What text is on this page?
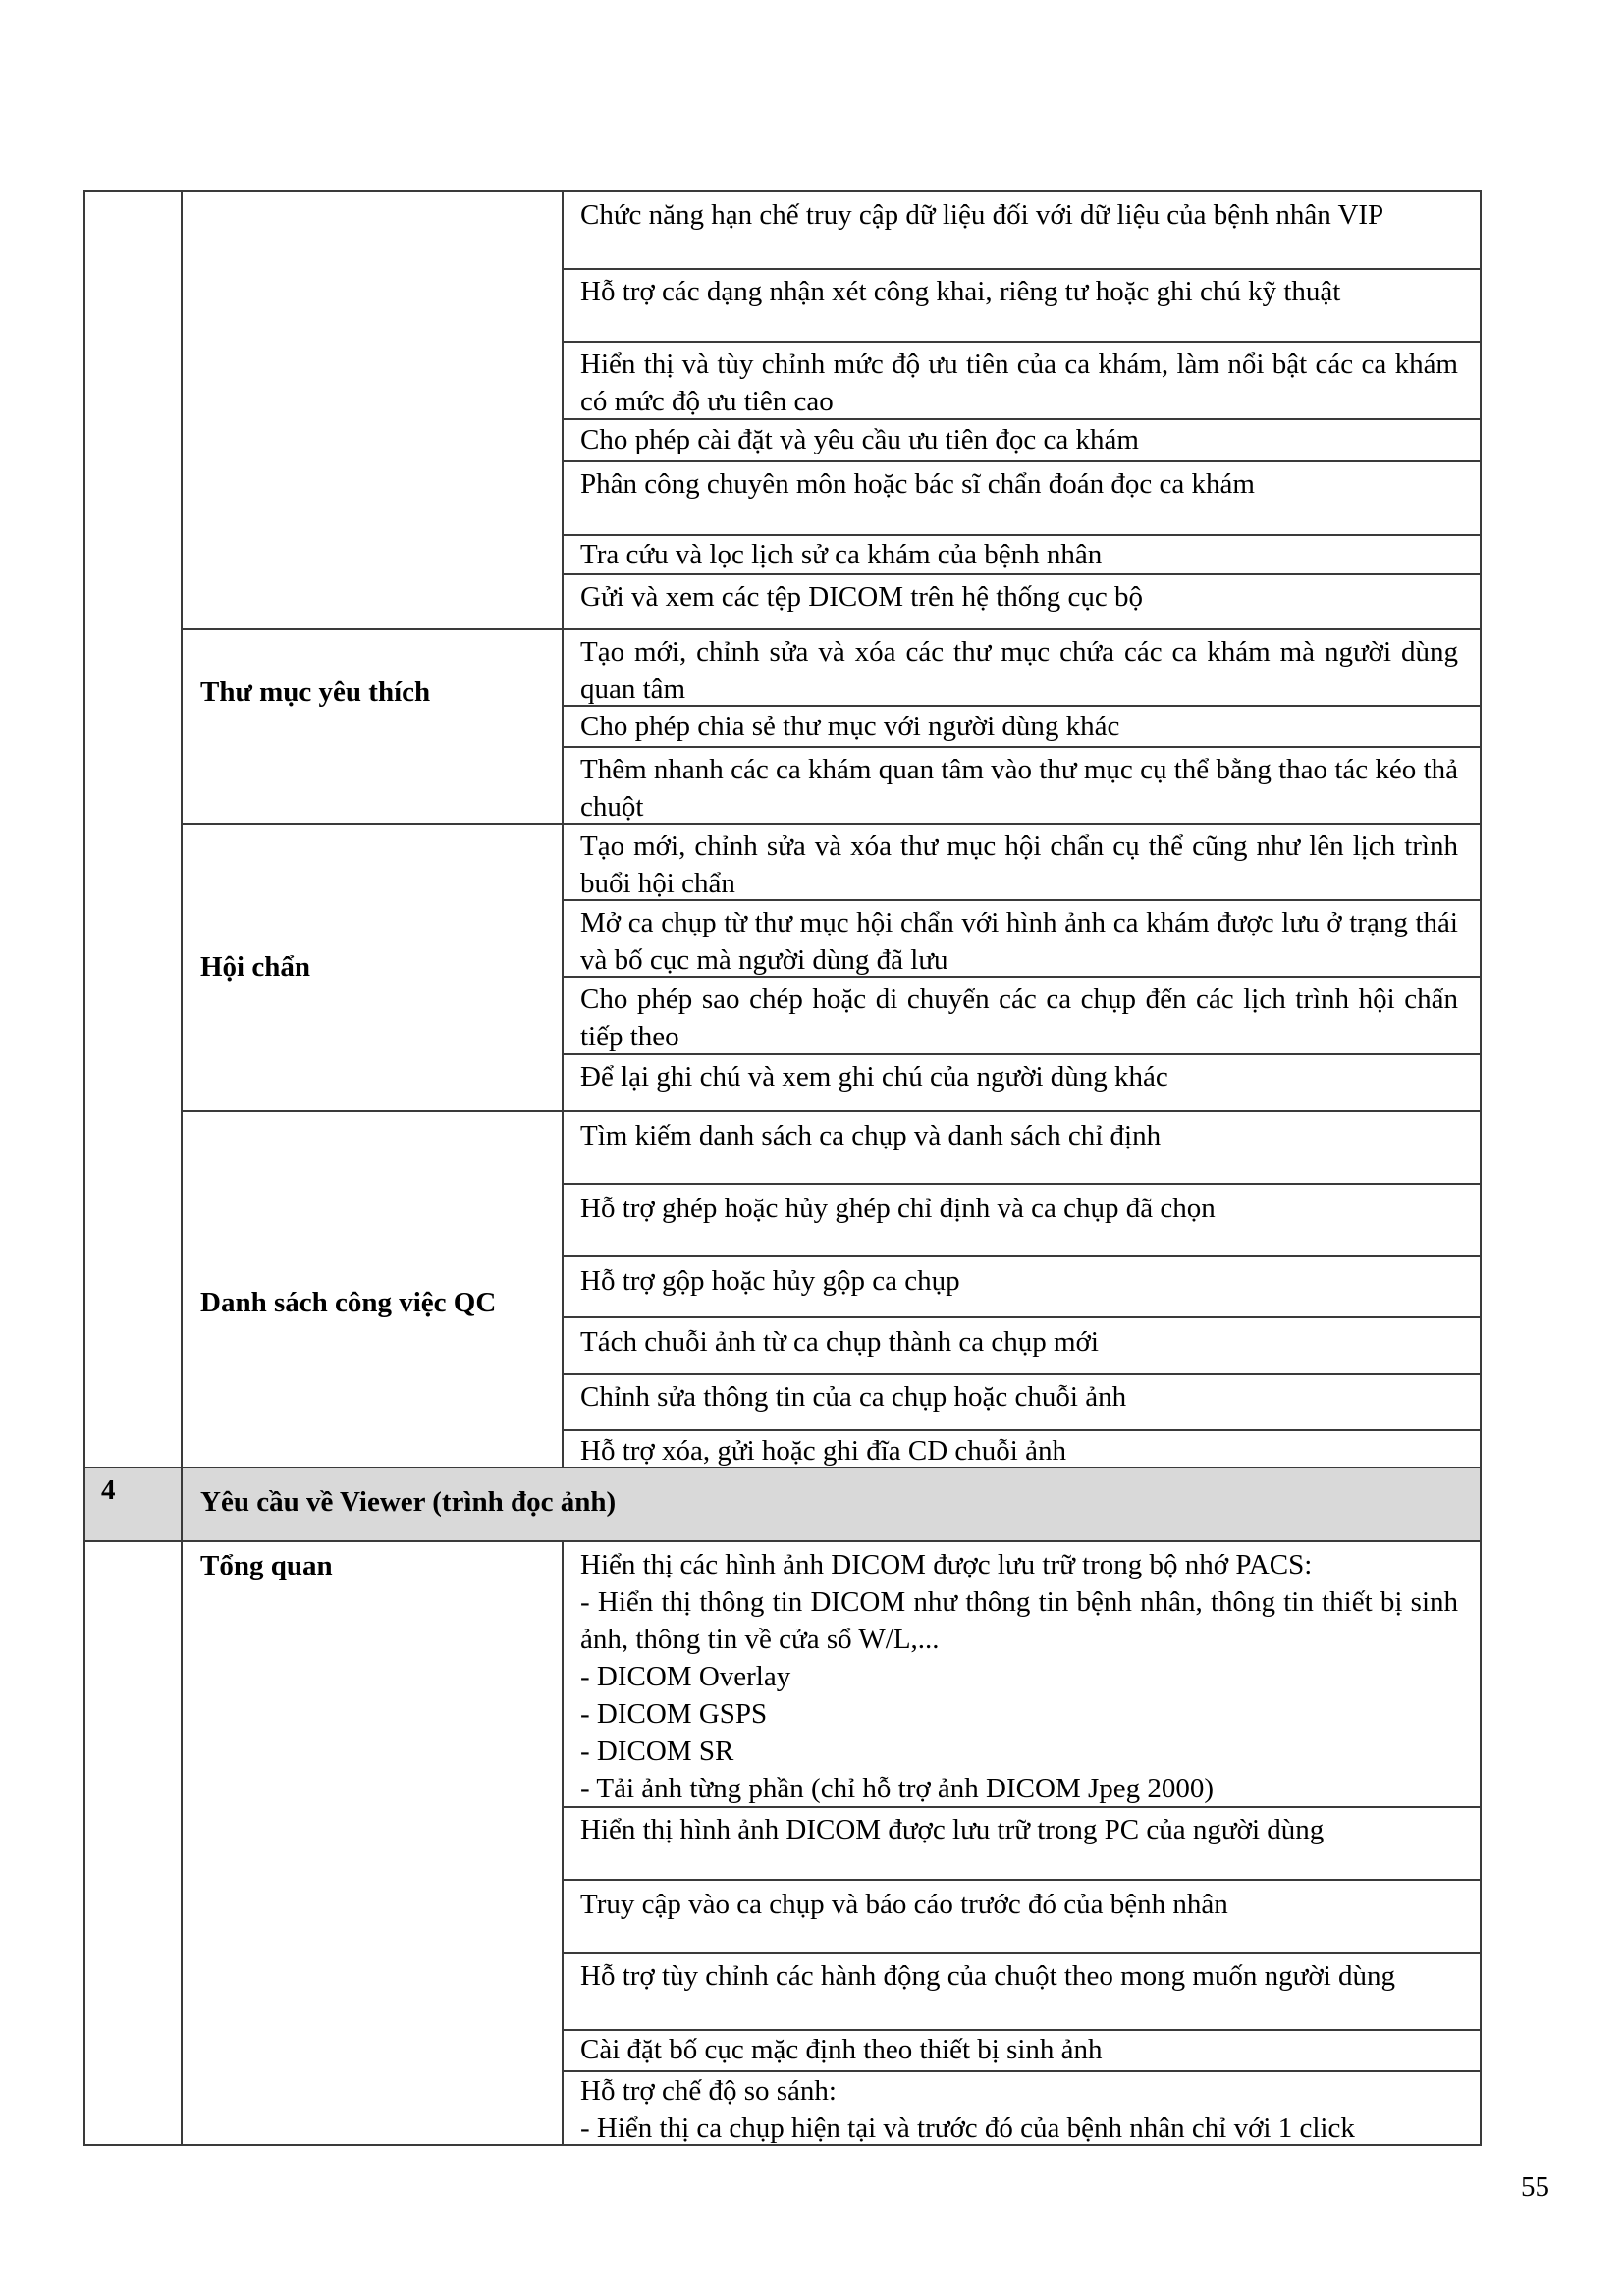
Chức năng hạn chế truy cập dữ liệu đối với dữ liệu của bệnh nhân VIP
Hỗ trợ các dạng nhận xét công khai, riêng tư hoặc ghi chú kỹ thuật
Hiển thị và tùy chỉnh mức độ ưu tiên của ca khám, làm nổi bật các ca khám có mức độ ưu tiên cao
Cho phép cài đặt và yêu cầu ưu tiên đọc ca khám
Phân công chuyên môn hoặc bác sĩ chẩn đoán đọc ca khám
Tra cứu và lọc lịch sử ca khám của bệnh nhân
Gửi và xem các tệp DICOM trên hệ thống cục bộ
Thư mục yêu thích
Tạo mới, chỉnh sửa và xóa các thư mục chứa các ca khám mà người dùng quan tâm
Cho phép chia sẻ thư mục với người dùng khác
Thêm nhanh các ca khám quan tâm vào thư mục cụ thể bằng thao tác kéo thả chuột
Hội chẩn
Tạo mới, chỉnh sửa và xóa thư mục hội chẩn cụ thể cũng như lên lịch trình buổi hội chẩn
Mở ca chụp từ thư mục hội chẩn với hình ảnh ca khám được lưu ở trạng thái và bố cục mà người dùng đã lưu
Cho phép sao chép hoặc di chuyển các ca chụp đến các lịch trình hội chẩn tiếp theo
Để lại ghi chú và xem ghi chú của người dùng khác
Danh sách công việc QC
Tìm kiếm danh sách ca chụp và danh sách chỉ định
Hỗ trợ ghép hoặc hủy ghép chỉ định và ca chụp đã chọn
Hỗ trợ gộp hoặc hủy gộp ca chụp
Tách chuỗi ảnh từ ca chụp thành ca chụp mới
Chỉnh sửa thông tin của ca chụp hoặc chuỗi ảnh
Hỗ trợ xóa, gửi hoặc ghi đĩa CD chuỗi ảnh
4	Yêu cầu về Viewer (trình đọc ảnh)
Tổng quan	Hiển thị các hình ảnh DICOM được lưu trữ trong bộ nhớ PACS:
- Hiển thị thông tin DICOM như thông tin bệnh nhân, thông tin thiết bị sinh ảnh, thông tin về cửa sổ W/L,...
- DICOM Overlay
- DICOM GSPS
- DICOM SR
- Tải ảnh từng phần (chỉ hỗ trợ ảnh DICOM Jpeg 2000)
Hiển thị hình ảnh DICOM được lưu trữ trong PC của người dùng
Truy cập vào ca chụp và báo cáo trước đó của bệnh nhân
Hỗ trợ tùy chỉnh các hành động của chuột theo mong muốn người dùng
Cài đặt bố cục mặc định theo thiết bị sinh ảnh
Hỗ trợ chế độ so sánh:
- Hiển thị ca chụp hiện tại và trước đó của bệnh nhân chỉ với 1 click
55
